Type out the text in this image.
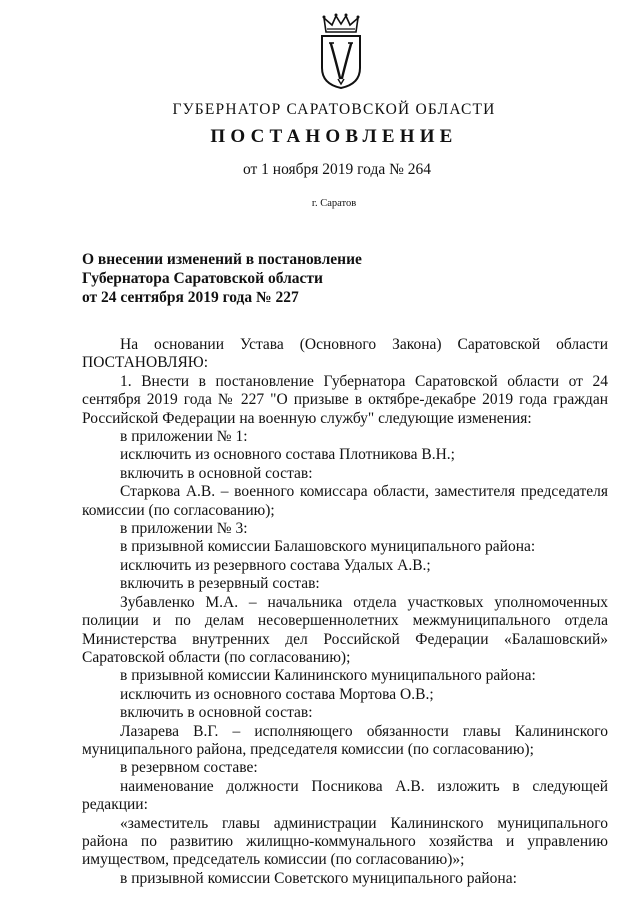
ГУБЕРНАТОР САРАТОВСКОЙ ОБЛАСТИ
ПОСТАНОВЛЕНИЕ
от 1 ноября 2019 года № 264
г. Саратов
О внесении изменений в постановление
Губернатора Саратовской области
от 24 сентября 2019 года № 227

На основании Устава (Основного Закона) Саратовской области ПОСТАНОВЛЯЮ:

1. Внести в постановление Губернатора Саратовской области от 24 сентября 2019 года № 227 "О призыве в октябре-декабре 2019 года граждан Российской Федерации на военную службу" следующие изменения:

в приложении № 1:

исключить из основного состава Плотникова В.Н.;

включить в основной состав:

Старкова А.В. – военного комиссара области, заместителя председателя комиссии (по согласованию);

в приложении № 3:

в призывной комиссии Балашовского муниципального района:

исключить из резервного состава Удалых А.В.;

включить в резервный состав:

Зубавленко М.А. – начальника отдела участковых уполномоченных полиции и по делам несовершеннолетних межмуниципального отдела Министерства внутренних дел Российской Федерации «Балашовский» Саратовской области (по согласованию);

в призывной комиссии Калининского муниципального района:

исключить из основного состава Мортова О.В.;

включить в основной состав:

Лазарева В.Г. – исполняющего обязанности главы Калининского муниципального района, председателя комиссии (по согласованию);

в резервном составе:

наименование должности Посникова А.В. изложить в следующей редакции:

«заместитель главы администрации Калининского муниципального района по развитию жилищно-коммунального хозяйства и управлению имуществом, председатель комиссии (по согласованию)»;

в призывной комиссии Советского муниципального района:
